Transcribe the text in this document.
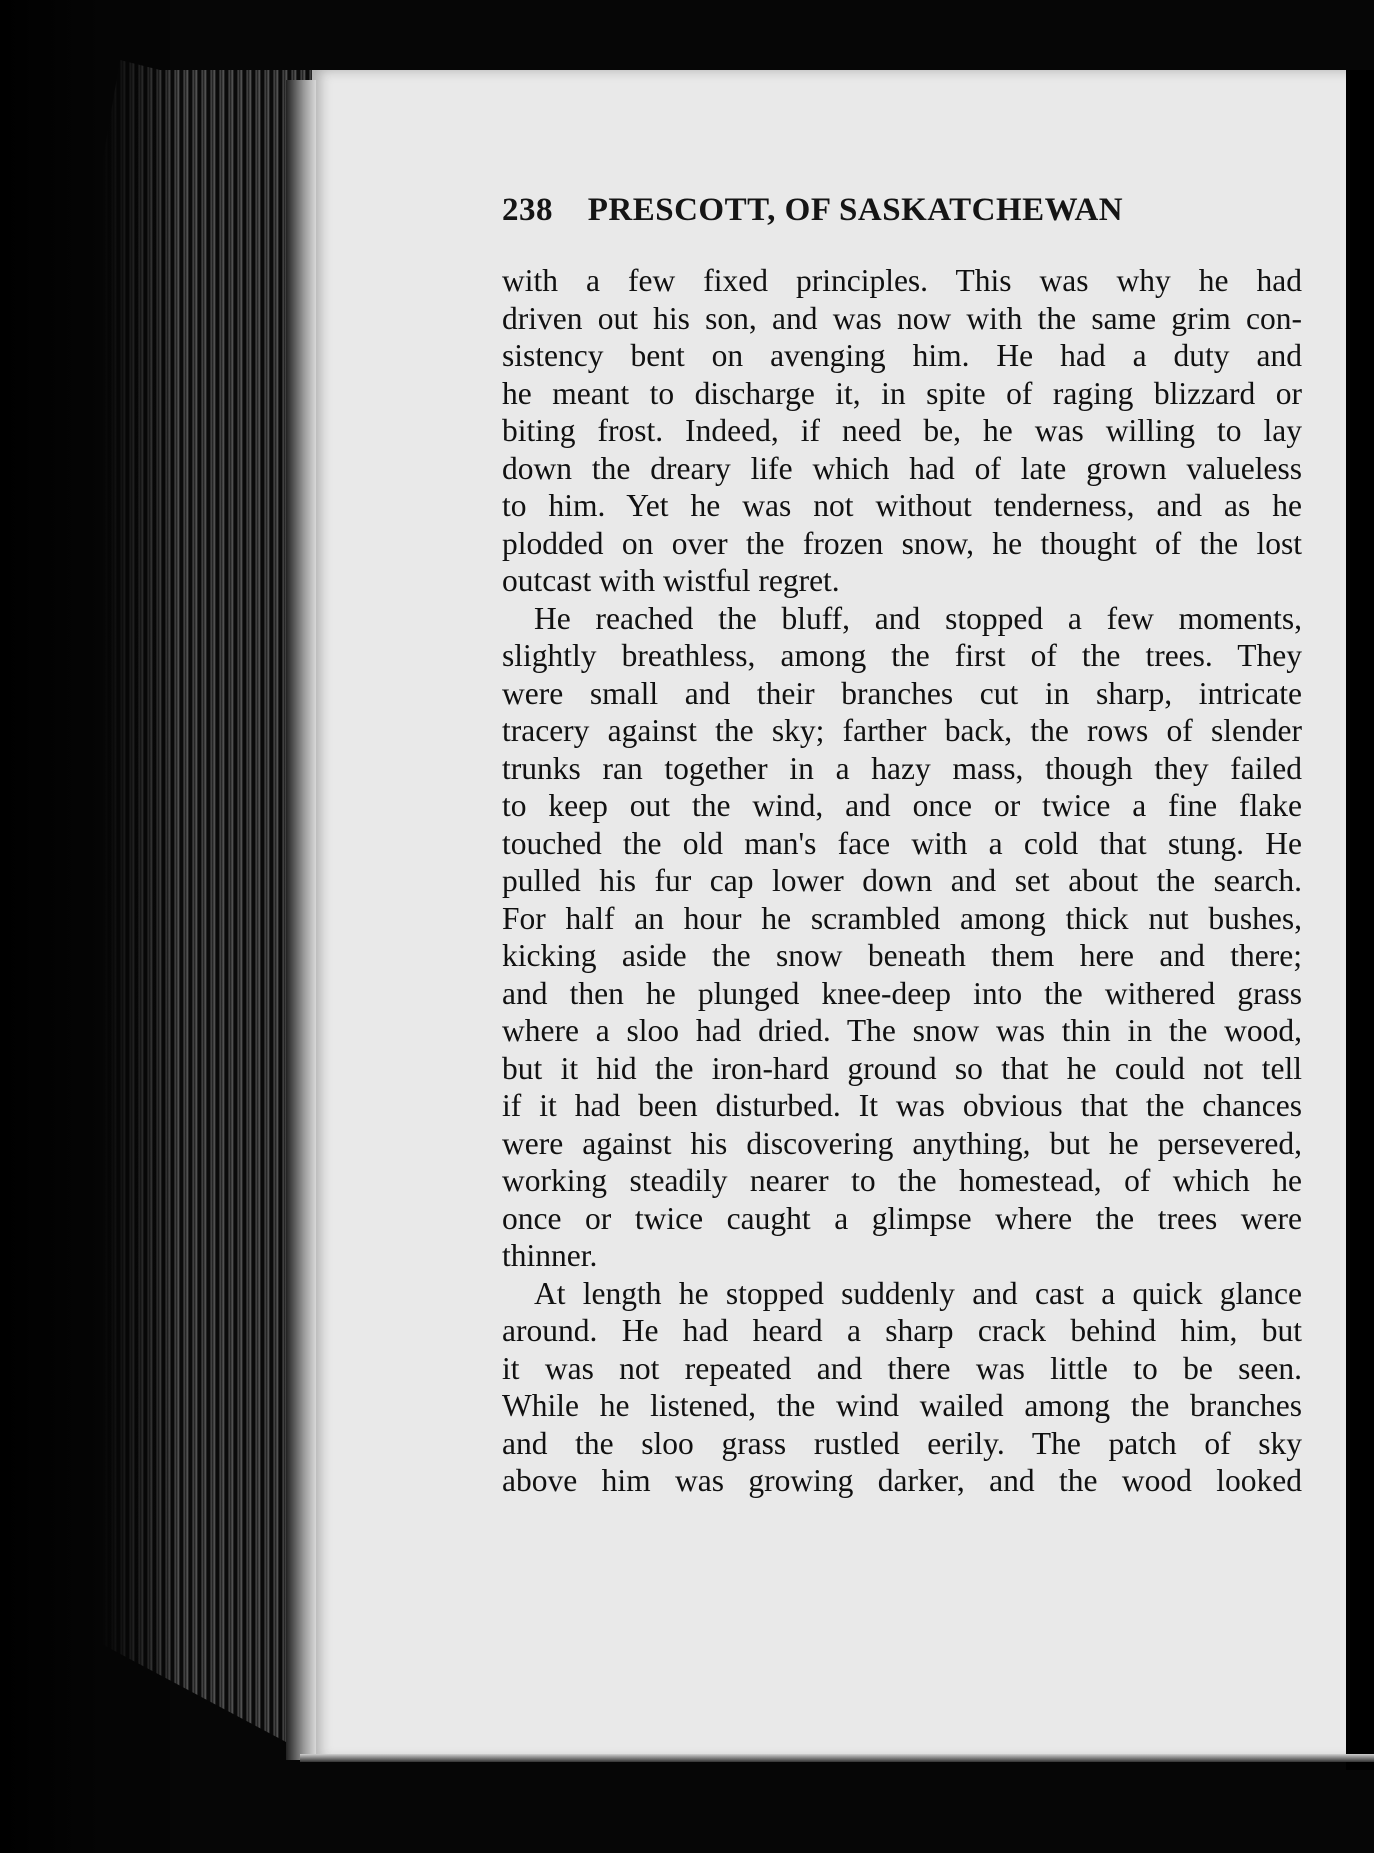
238 PRESCOTT, OF SASKATCHEWAN
with a few fixed principles. This was why he had
driven out his son, and was now with the same grim con-
sistency bent on avenging him. He had a duty and
he meant to discharge it, in spite of raging blizzard or
biting frost. Indeed, if need be, he was willing to lay
down the dreary life which had of late grown valueless
to him. Yet he was not without tenderness, and as he
plodded on over the frozen snow, he thought of the lost
outcast with wistful regret.
He reached the bluff, and stopped a few moments,
slightly breathless, among the first of the trees. They
were small and their branches cut in sharp, intricate
tracery against the sky; farther back, the rows of slender
trunks ran together in a hazy mass, though they failed
to keep out the wind, and once or twice a fine flake
touched the old man's face with a cold that stung. He
pulled his fur cap lower down and set about the search.
For half an hour he scrambled among thick nut bushes,
kicking aside the snow beneath them here and there;
and then he plunged knee-deep into the withered grass
where a sloo had dried. The snow was thin in the wood,
but it hid the iron-hard ground so that he could not tell
if it had been disturbed. It was obvious that the chances
were against his discovering anything, but he persevered,
working steadily nearer to the homestead, of which he
once or twice caught a glimpse where the trees were
thinner.
At length he stopped suddenly and cast a quick glance
around. He had heard a sharp crack behind him, but
it was not repeated and there was little to be seen.
While he listened, the wind wailed among the branches
and the sloo grass rustled eerily. The patch of sky
above him was growing darker, and the wood looked
